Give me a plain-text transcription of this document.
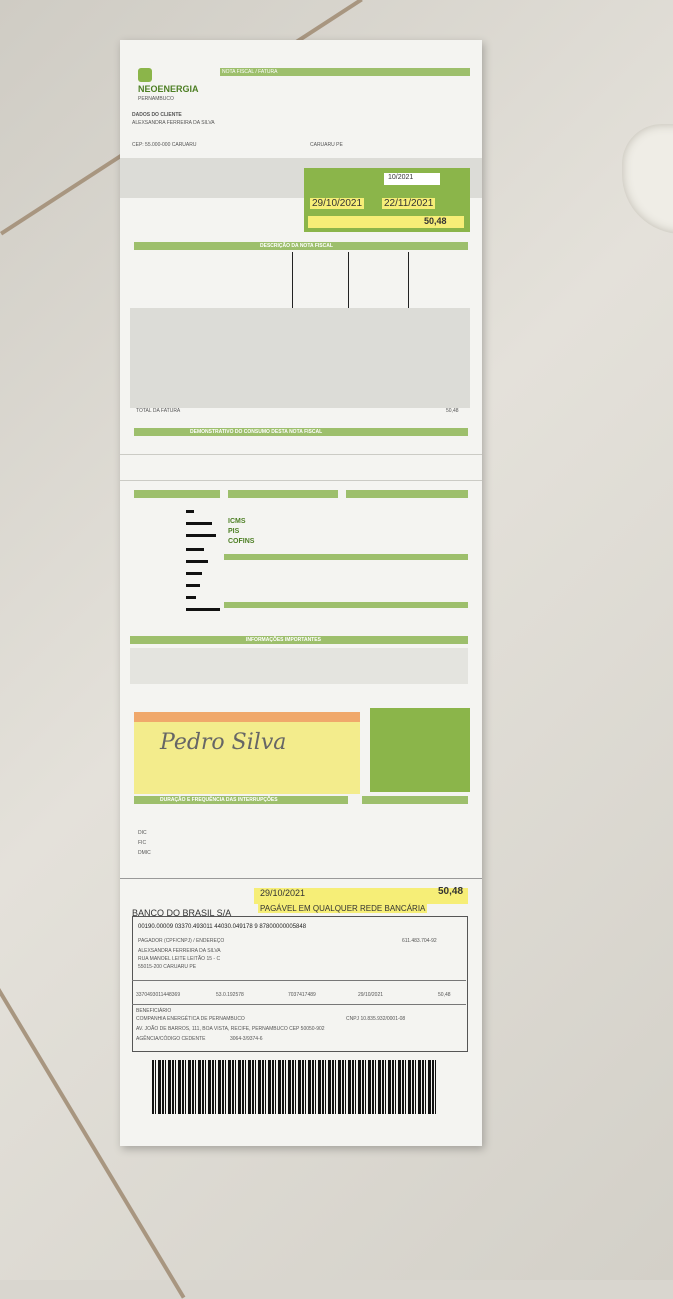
NEOENERGIA
PERNAMBUCO
NOTA FISCAL / FATURA
DADOS DO CLIENTE
ALEXSANDRA FERREIRA DA SILVA
CEP: 55.000-000 CARUARU	CARUARU PE
10/2021
29/10/2021 22/11/2021
50,48
DESCRIÇÃO DA NOTA FISCAL
TOTAL DA FATURA	50,48
DEMONSTRATIVO DO CONSUMO DESTA NOTA FISCAL
ICMS
PIS
COFINS
INFORMAÇÕES IMPORTANTES
Pedro Silva
DURAÇÃO E FREQUÊNCIA DAS INTERRUPÇÕES
DIC
FIC
DMIC
29/10/2021	50,48
BANCO DO BRASIL S/A	PAGÁVEL EM QUALQUER REDE BANCÁRIA
00190.00009 03370.493011 44030.049178 9 87800000005848
PAGADOR (CPF/CNPJ) / ENDEREÇO	611.483.704-92
ALEXSANDRA FERREIRA DA SILVA
RUA MANOEL LEITE LEITÃO 15 - C
55015-200 CARUARU PE
3370493011448369	53.0.192578	7037417489	29/10/2021	50,48
BENEFICIÁRIO
COMPANHIA ENERGÉTICA DE PERNAMBUCO	CNPJ 10.835.932/0001-08
AV. JOÃO DE BARROS, 111, BOA VISTA, RECIFE, PERNAMBUCO CEP 50050-902
AGÊNCIA/CÓDIGO CEDENTE	3064-3/9374-6
